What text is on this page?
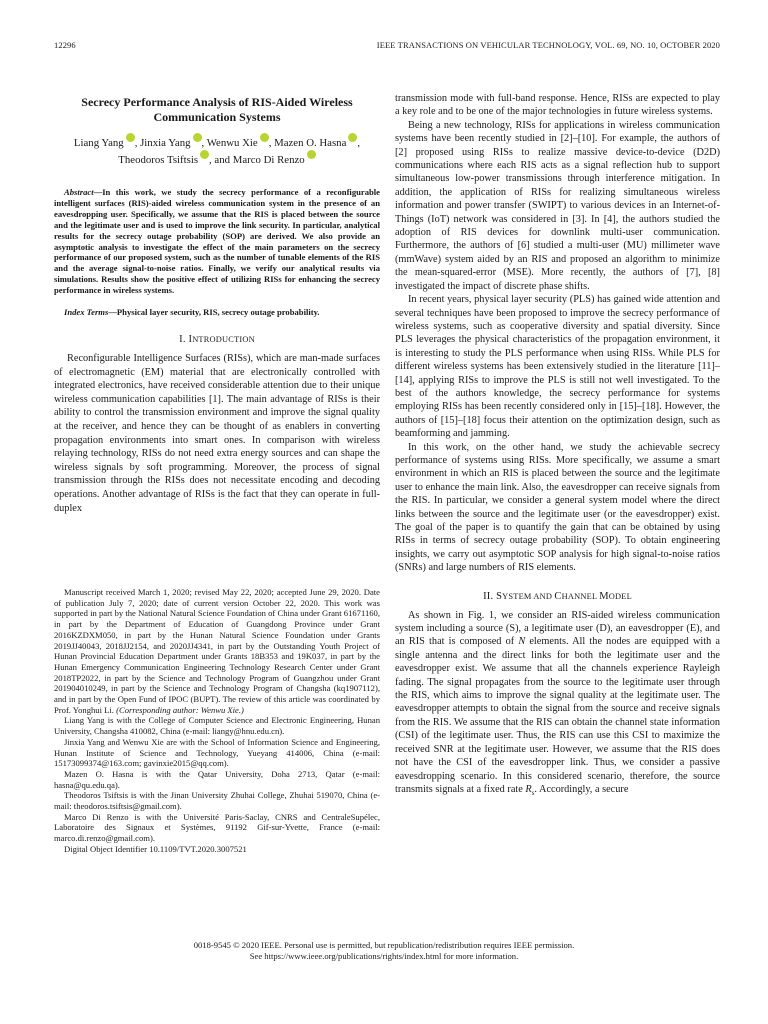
12296	IEEE TRANSACTIONS ON VEHICULAR TECHNOLOGY, VOL. 69, NO. 10, OCTOBER 2020
Secrecy Performance Analysis of RIS-Aided Wireless
Communication Systems
Liang Yang , Jinxia Yang , Wenwu Xie , Mazen O. Hasna ,
Theodoros Tsiftsis , and Marco Di Renzo

Abstract—In this work, we study the secrecy performance of a reconfigurable intelligent surfaces (RIS)-aided wireless communication system in the presence of an eavesdropping user. Specifically, we assume that the RIS is placed between the source and the legitimate user and is used to improve the link security. In particular, analytical results for the secrecy outage probability (SOP) are derived. We also provide an asymptotic analysis to investigate the effect of the main parameters on the secrecy performance of our proposed system, such as the number of tunable elements of the RIS and the average signal-to-noise ratios. Finally, we verify our analytical results via simulations. Results show the positive effect of utilizing RISs for enhancing the secrecy performance in wireless systems.

Index Terms—Physical layer security, RIS, secrecy outage probability.

I. INTRODUCTION

Reconfigurable Intelligence Surfaces (RISs), which are man-made surfaces of electromagnetic (EM) material that are electronically controlled with integrated electronics, have received considerable attention due to their unique wireless communication capabilities [1]. The main advantage of RISs is their ability to control the transmission environment and improve the signal quality at the receiver, and hence they can be thought of as enablers in converting propagation environments into smart ones. In comparison with wireless relaying technology, RISs do not need extra energy sources and can shape the wireless signals by soft programming. Moreover, the process of signal transmission through the RISs does not necessitate encoding and decoding operations. Another advantage of RISs is the fact that they can operate in full-duplex

Manuscript received March 1, 2020; revised May 22, 2020; accepted June 29, 2020. Date of publication July 7, 2020; date of current version October 22, 2020. This work was supported in part by the National Natural Science Foundation of China under Grant 61671160, in part by the Department of Education of Guangdong Province under Grant 2016KZDXM050, in part by the Hunan Natural Science Foundation under Grants 2019JJ40043, 2018JJ2154, and 2020JJ4341, in part by the Outstanding Youth Project of Hunan Provincial Education Department under Grants 18B353 and 19K037, in part by the Hunan Emergency Communication Engineering Technology Research Center under Grant 2018TP2022, in part by the Science and Technology Program of Guangzhou under Grant 201904010249, in part by the Science and Technology Program of Changsha (kq1907112), and in part by the Open Fund of IPOC (BUPT). The review of this article was coordinated by Prof. Yonghui Li. (Corresponding author: Wenwu Xie.)

Liang Yang is with the College of Computer Science and Electronic Engineering, Hunan University, Changsha 410082, China (e-mail: liangy@hnu.edu.cn).

Jinxia Yang and Wenwu Xie are with the School of Information Science and Engineering, Hunan Institute of Science and Technology, Yueyang 414006, China (e-mail: 15173099374@163.com; gavinxie2015@qq.com).

Mazen O. Hasna is with the Qatar University, Doha 2713, Qatar (e-mail: hasna@qu.edu.qa).

Theodoros Tsiftsis is with the Jinan University Zhuhai College, Zhuhai 519070, China (e-mail: theodoros.tsiftsis@gmail.com).

Marco Di Renzo is with the Université Paris-Saclay, CNRS and CentraleSupélec, Laboratoire des Signaux et Systèmes, 91192 Gif-sur-Yvette, France (e-mail: marco.di.renzo@gmail.com).

Digital Object Identifier 10.1109/TVT.2020.3007521

transmission mode with full-band response. Hence, RISs are expected to play a key role and to be one of the major technologies in future wireless systems.

Being a new technology, RISs for applications in wireless communication systems have been recently studied in [2]–[10]. For example, the authors of [2] proposed using RISs to realize massive device-to-device (D2D) communications where each RIS acts as a signal reflection hub to support simultaneous low-power transmissions through interference mitigation. In addition, the application of RISs for realizing simultaneous wireless information and power transfer (SWIPT) to various devices in an Internet-of-Things (IoT) network was considered in [3]. In [4], the authors studied the adoption of RIS devices for downlink multi-user communication. Furthermore, the authors of [6] studied a multi-user (MU) millimeter wave (mmWave) system aided by an RIS and proposed an algorithm to minimize the mean-squared-error (MSE). More recently, the authors of [7], [8] investigated the impact of discrete phase shifts.

In recent years, physical layer security (PLS) has gained wide attention and several techniques have been proposed to improve the secrecy performance of wireless systems, such as cooperative diversity and spatial diversity. Since PLS leverages the physical characteristics of the propagation environment, it is interesting to study the PLS performance when using RISs. While PLS for different wireless systems has been extensively studied in the literature [11]–[14], applying RISs to improve the PLS is still not well investigated. To the best of the authors knowledge, the secrecy performance for systems employing RISs has been recently considered only in [15]–[18]. However, the authors of [15]–[18] focus their attention on the optimization design, such as beamforming and jamming.

In this work, on the other hand, we study the achievable secrecy performance of systems using RISs. More specifically, we assume a smart environment in which an RIS is placed between the source and the legitimate user to enhance the main link. Also, the eavesdropper can receive signals from the RIS. In particular, we consider a general system model where the direct links between the source and the legitimate user (or the eavesdropper) exist. The goal of the paper is to quantify the gain that can be obtained by using RISs in terms of secrecy outage probability (SOP). To obtain engineering insights, we carry out asymptotic SOP analysis for high signal-to-noise ratios (SNRs) and large numbers of RIS elements.

II. SYSTEM AND CHANNEL MODEL

As shown in Fig. 1, we consider an RIS-aided wireless communication system including a source (S), a legitimate user (D), an eavesdropper (E), and an RIS that is composed of N elements. All the nodes are equipped with a single antenna and the direct links for both the legitimate user and the eavesdropper exist. We assume that all the channels experience Rayleigh fading. The signal propagates from the source to the legitimate user through the RIS, which aims to improve the signal quality at the legitimate user. The eavesdropper attempts to obtain the signal from the source and receive signals from the RIS. We assume that the RIS can obtain the channel state information (CSI) of the legitimate user. Thus, the RIS can use this CSI to maximize the received SNR at the legitimate user. However, we assume that the RIS does not have the CSI of the eavesdropper link. Thus, we consider a passive eavesdropping scenario. In this considered scenario, therefore, the source transmits signals at a fixed rate $R_s$. Accordingly, a secure

0018-9545 © 2020 IEEE. Personal use is permitted, but republication/redistribution requires IEEE permission.
See https://www.ieee.org/publications/rights/index.html for more information.
